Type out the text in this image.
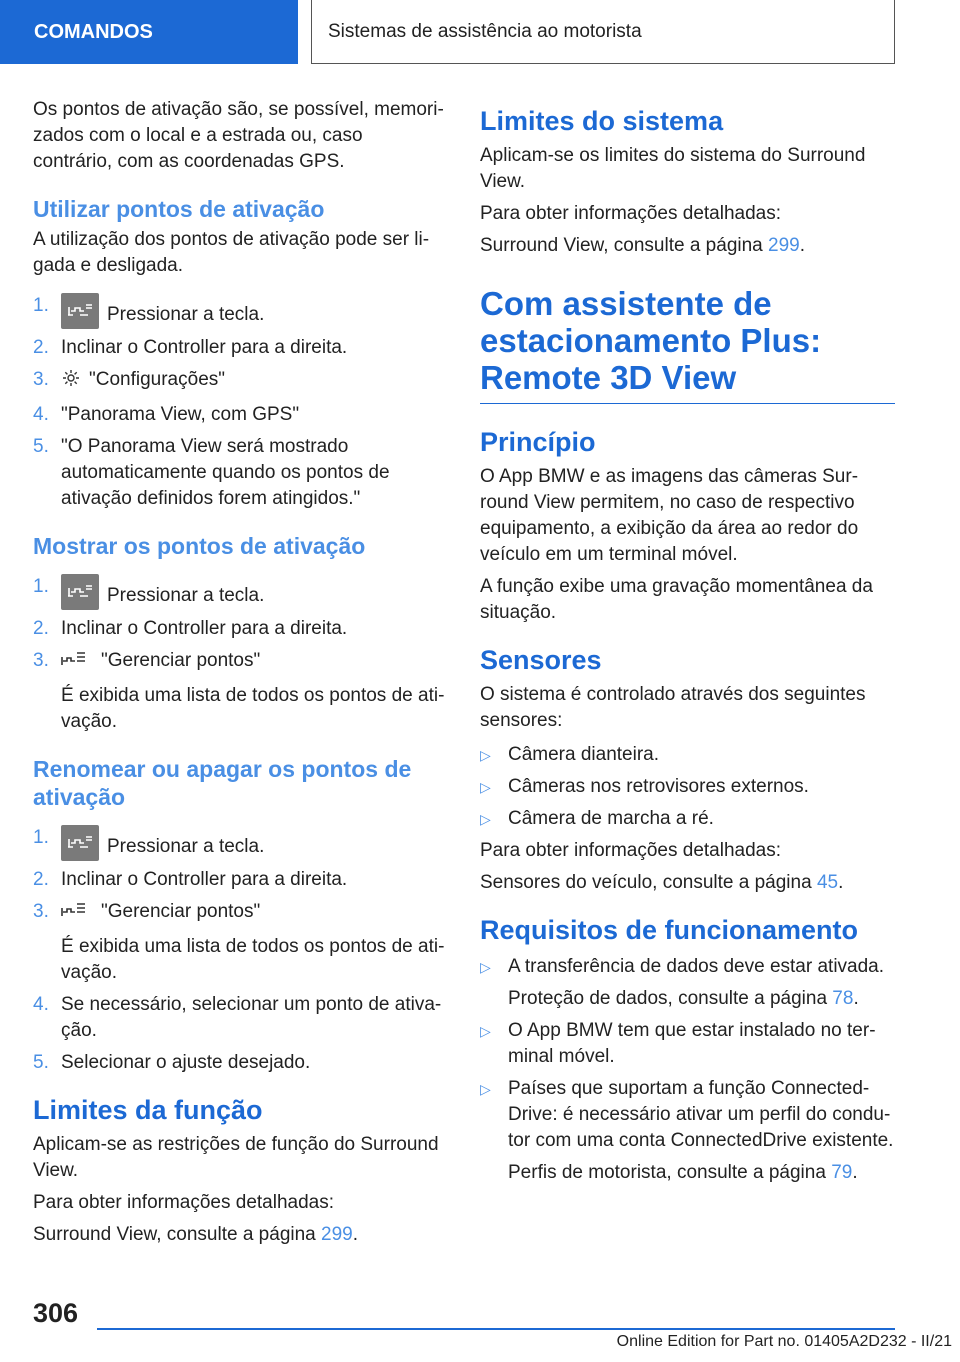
COMANDOS	Sistemas de assistência ao motorista

Os pontos de ativação são, se possível, memorizados com o local e a estrada ou, caso contrário, com as coordenadas GPS.

Utilizar pontos de ativação

A utilização dos pontos de ativação pode ser ligada e desligada.

1.	Pressionar a tecla.
2. Inclinar o Controller para a direita.
3. "Configurações"
4. "Panorama View, com GPS"
5. "O Panorama View será mostrado automaticamente quando os pontos de ativação definidos forem atingidos."
Mostrar os pontos de ativação
1.	Pressionar a tecla.
2. Inclinar o Controller para a direita.
3.	"Gerenciar pontos"
É exibida uma lista de todos os pontos de ativação.
Renomear ou apagar os pontos de ativação
1.	Pressionar a tecla.
2. Inclinar o Controller para a direita.
3.	"Gerenciar pontos"
É exibida uma lista de todos os pontos de ativação.
4. Se necessário, selecionar um ponto de ativação.
5. Selecionar o ajuste desejado.
Limites da função

Aplicam-se as restrições de função do Surround View.

Para obter informações detalhadas:

Surround View, consulte a página 299.

Limites do sistema

Aplicam-se os limites do sistema do Surround View.

Para obter informações detalhadas:

Surround View, consulte a página 299.

Com assistente de estacionamento Plus: Remote 3D View
Princípio

O App BMW e as imagens das câmeras Surround View permitem, no caso de respectivo equipamento, a exibição da área ao redor do veículo em um terminal móvel.

A função exibe uma gravação momentânea da situação.

Sensores

O sistema é controlado através dos seguintes sensores:

▷ Câmera dianteira.
▷ Câmeras nos retrovisores externos.
▷ Câmera de marcha a ré.

Para obter informações detalhadas:

Sensores do veículo, consulte a página 45.

Requisitos de funcionamento
▷ A transferência de dados deve estar ativada.
Proteção de dados, consulte a página 78.
▷ O App BMW tem que estar instalado no terminal móvel.
▷ Países que suportam a função ConnectedDrive: é necessário ativar um perfil do condutor com uma conta ConnectedDrive existente.
Perfis de motorista, consulte a página 79.
306
Online Edition for Part no. 01405A2D232 - II/21
